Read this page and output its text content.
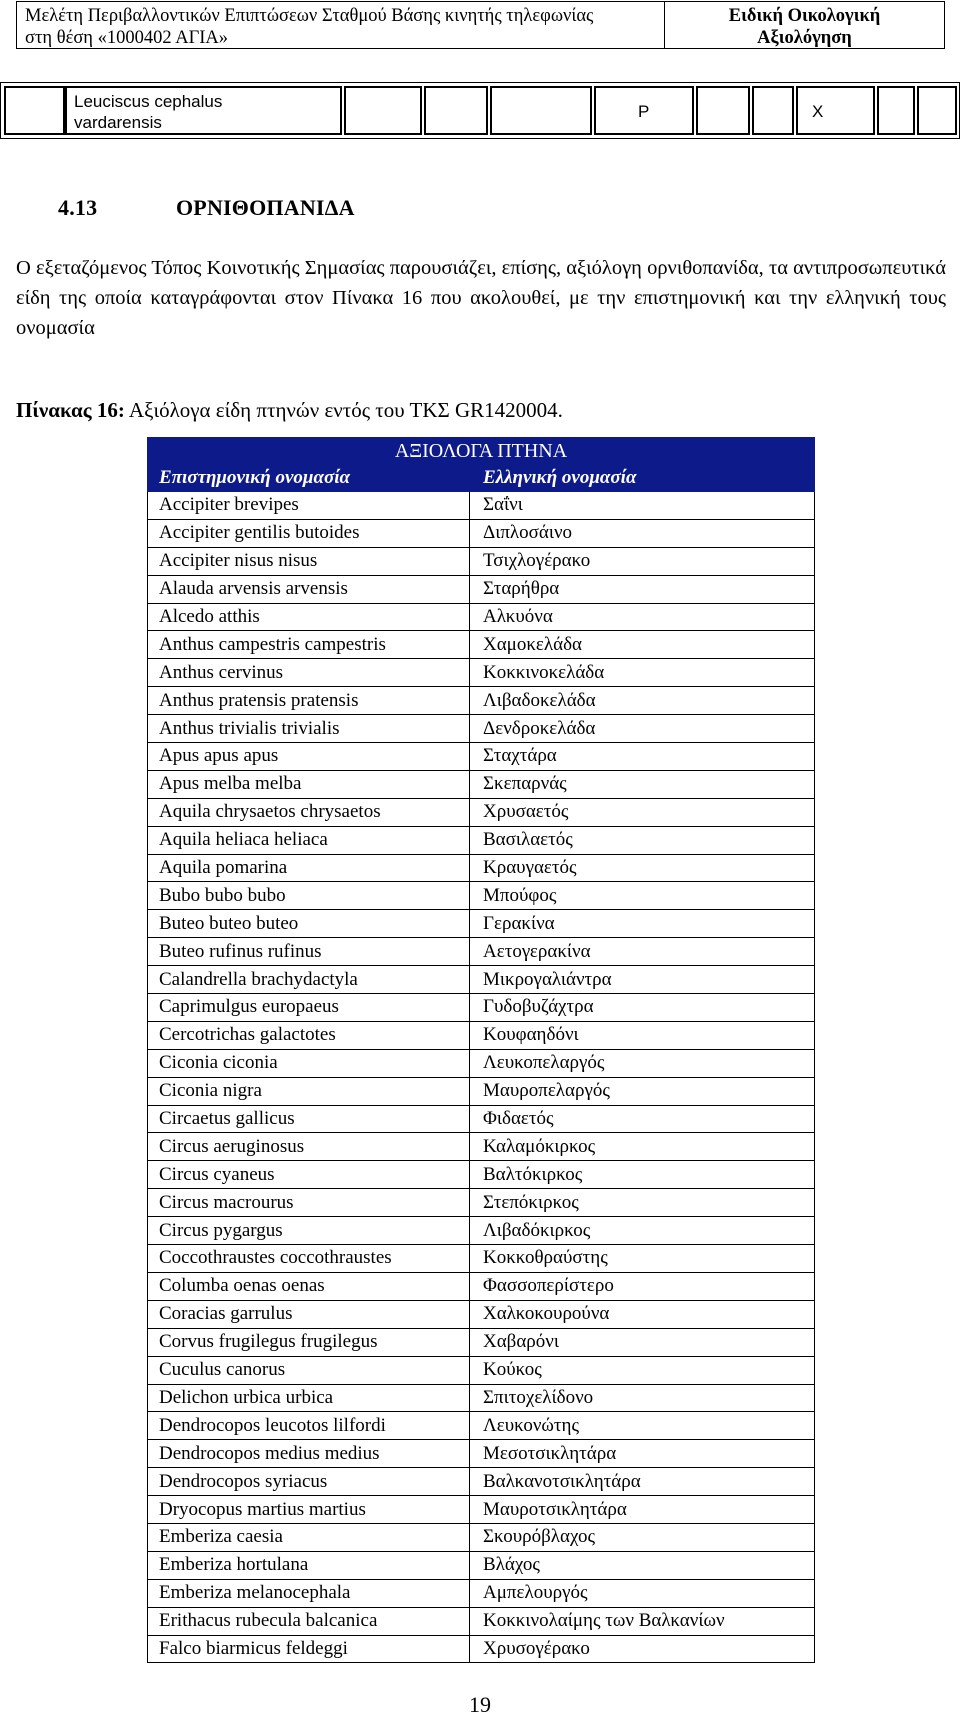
Μελέτη Περιβαλλοντικών Επιπτώσεων Σταθμού Βάσης κινητής τηλεφωνίας
στη θέση «1000402 ΑΓΙΑ»
Ειδική Οικολογική
Αξιολόγηση
Leuciscus cephalus
vardarensis
P	X
4.13	ΟΡΝΙΘΟΠΑΝΙΔΑ
Ο εξεταζόμενος Τόπος Κοινοτικής Σημασίας παρουσιάζει, επίσης, αξιόλογη ορνιθοπανίδα, τα αντιπροσωπευτικά είδη της οποία καταγράφονται στον Πίνακα 16 που ακολουθεί, με την επιστημονική και την ελληνική τους ονομασία
Πίνακας 16: Αξιόλογα είδη πτηνών εντός του ΤΚΣ GR1420004.
ΑΞΙΟΛΟΓΑ ΠΤΗΝΑ	
Επιστημονική ονομασία	Ελληνική ονομασία
Accipiter brevipes	Σαΐνι
Accipiter gentilis butoides	Διπλοσάινο
Accipiter nisus nisus	Τσιχλογέρακο
Alauda arvensis arvensis	Σταρήθρα
Alcedo atthis	Αλκυόνα
Anthus campestris campestris	Χαμοκελάδα
Anthus cervinus	Κοκκινοκελάδα
Anthus pratensis pratensis	Λιβαδοκελάδα
Anthus trivialis trivialis	Δενδροκελάδα
Apus apus apus	Σταχτάρα
Apus melba melba	Σκεπαρνάς
Aquila chrysaetos chrysaetos	Χρυσαετός
Aquila heliaca heliaca	Βασιλαετός
Aquila pomarina	Κραυγαετός
Bubo bubo bubo	Μπούφος
Buteo buteo buteo	Γερακίνα
Buteo rufinus rufinus	Αετογερακίνα
Calandrella brachydactyla	Μικρογαλιάντρα
Caprimulgus europaeus	Γυδοβυζάχτρα
Cercotrichas galactotes	Κουφαηδόνι
Ciconia ciconia	Λευκοπελαργός
Ciconia nigra	Μαυροπελαργός
Circaetus gallicus	Φιδαετός
Circus aeruginosus	Καλαμόκιρκος
Circus cyaneus	Βαλτόκιρκος
Circus macrourus	Στεπόκιρκος
Circus pygargus	Λιβαδόκιρκος
Coccothraustes coccothraustes	Κοκκοθραύστης
Columba oenas oenas	Φασσοπερίστερο
Coracias garrulus	Χαλκοκουρούνα
Corvus frugilegus frugilegus	Χαβαρόνι
Cuculus canorus	Κούκος
Delichon urbica urbica	Σπιτοχελίδονο
Dendrocopos leucotos lilfordi	Λευκονώτης
Dendrocopos medius medius	Μεσοτσικλητάρα
Dendrocopos syriacus	Βαλκανοτσικλητάρα
Dryocopus martius martius	Μαυροτσικλητάρα
Emberiza caesia	Σκουρόβλαχος
Emberiza hortulana	Βλάχος
Emberiza melanocephala	Αμπελουργός
Erithacus rubecula balcanica	Κοκκινολαίμης των Βαλκανίων
Falco biarmicus feldeggi	Χρυσογέρακο
19
